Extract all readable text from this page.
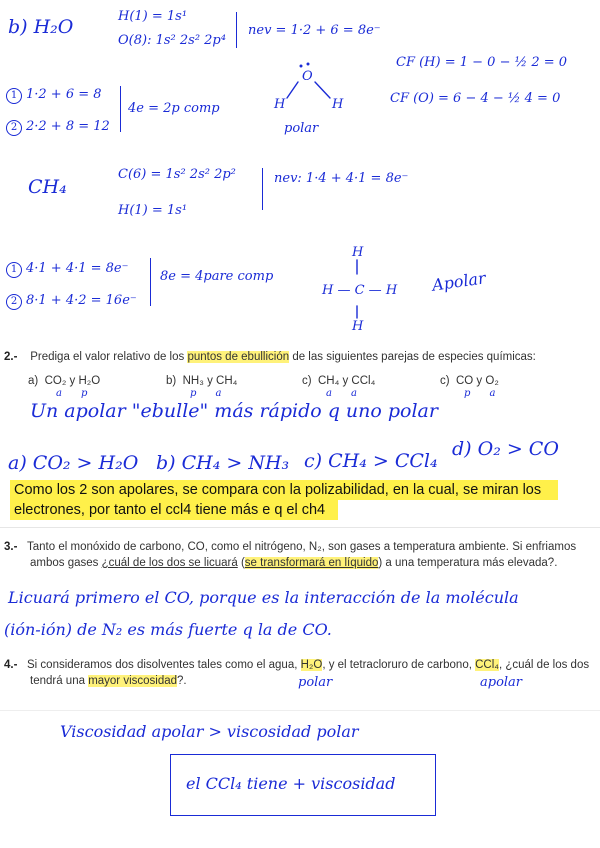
b) H₂O	H(1) = 1s¹
O(8): 1s² 2s² 2p⁴
nev = 1·2 + 6 = 8e⁻
1 1·2 + 6 = 8
2 2·2 + 8 = 12
4e = 2p comp
O
H	H
polar
CF (H) = 1 − 0 − ½ 2 = 0
CF (O) = 6 − 4 − ½ 4 = 0
CH₄
C(6) = 1s² 2s² 2p²
H(1) = 1s¹
nev: 1·4 + 4·1 = 8e⁻
1 4·1 + 4·1 = 8e⁻
2 8·1 + 4·2 = 16e⁻
8e = 4pare comp
H
H — C — H
H
Apolar
2.- Prediga el valor relativo de los puntos de ebullición de las siguientes parejas de especies químicas:
a) CO₂ y H₂O	b) NH₃ y CH₄	c) CH₄ y CCl₄	c) CO y O₂
a      p	p      a	a      a	p      a
Un apolar "ebulle" más rápido q uno polar
a) CO₂ > H₂O b) CH₄ > NH₃ c) CH₄ > CCl₄
d) O₂ > CO
Como los 2 son apolares, se compara con la polizabilidad, en la cual, se miran los
electrones, por tanto el ccl4 tiene más e q el ch4
3.- Tanto el monóxido de carbono, CO, como el nitrógeno, N₂, son gases a temperatura ambiente. Si enfriamos
ambos gases ¿cuál de los dos se licuará (se transformará en líquido) a una temperatura más elevada?.
Licuará primero el CO, porque es la interacción de la molécula
(ión-ión) de N₂ es más fuerte q la de CO.
4.- Si consideramos dos disolventes tales como el agua, H₂O, y el tetracloruro de carbono, CCl₄, ¿cuál de los dos
tendrá una mayor viscosidad?.	polar	apolar
Viscosidad apolar > viscosidad polar
el CCl₄ tiene + viscosidad
